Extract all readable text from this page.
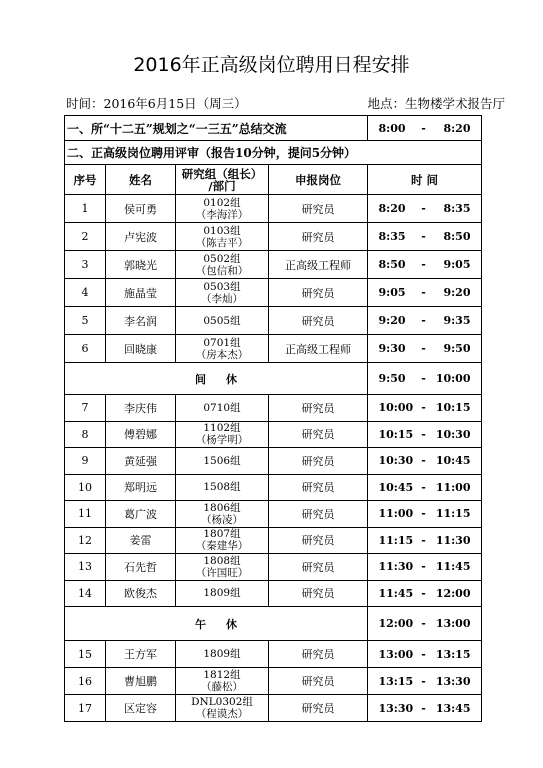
2016年正高级岗位聘用日程安排
时间：2016年6月15日（周三）	地点：生物楼学术报告厅
一、所“十二五”规划之“一三五”总结交流				8:00 - 8:20
二、正高级岗位聘用评审（报告10分钟，提问5分钟）				
序号	姓名	研究组（组长）
/部门	申报岗位	时 间
1	侯可勇	0102组
（李海洋）	研究员	8:20 - 8:35
2	卢宪波	0103组
（陈吉平）	研究员	8:35 - 8:50
3	郭晓光	0502组
（包信和）	正高级工程师	8:50 - 9:05
4	施晶莹	0503组
（李灿）	研究员	9:05 - 9:20
5	李名润	0505组	研究员	9:20 - 9:35
6	回晓康	0701组
（房本杰）	正高级工程师	9:30 - 9:50
间 休				9:50 - 10:00
7	李庆伟	0710组	研究员	10:00 - 10:15
8	傅碧娜	1102组
（杨学明）	研究员	10:15 - 10:30
9	黄延强	1506组	研究员	10:30 - 10:45
10	郑明远	1508组	研究员	10:45 - 11:00
11	葛广波	1806组
（杨凌）	研究员	11:00 - 11:15
12	姜雷	1807组
（秦建华）	研究员	11:15 - 11:30
13	石先哲	1808组
（许国旺）	研究员	11:30 - 11:45
14	欧俊杰	1809组	研究员	11:45 - 12:00
午 休				12:00 - 13:00
15	王方军	1809组	研究员	13:00 - 13:15
16	曹旭鹏	1812组
（藤松）	研究员	13:15 - 13:30
17	区定容	DNL0302组
（程谟杰）	研究员	13:30 - 13:45
